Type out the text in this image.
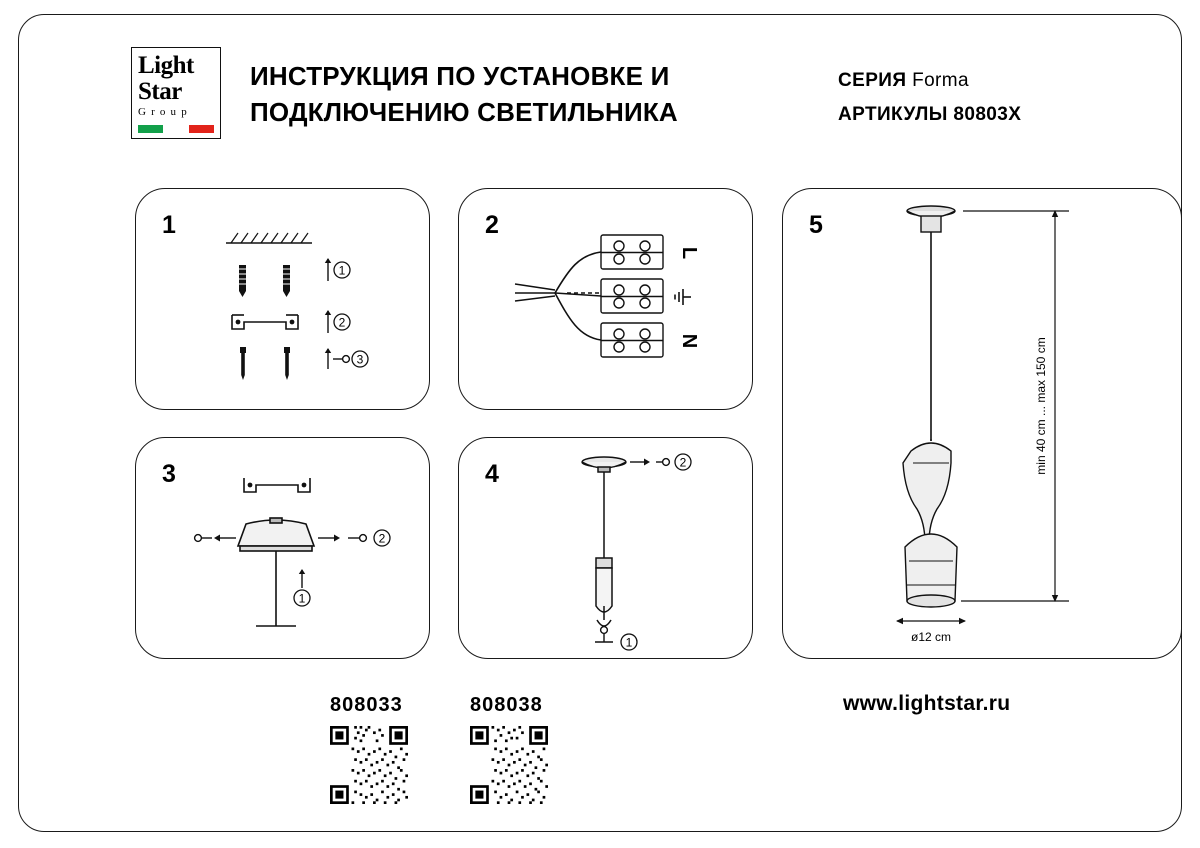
Light
Star
G r o u p
ИНСТРУКЦИЯ ПО УСТАНОВКЕ И
ПОДКЛЮЧЕНИЮ СВЕТИЛЬНИКА
СЕРИЯ Forma
АРТИКУЛЫ 80803X
1
1
2
3
2
L
N
3
2
1
4	2
1
5
min 40 cm ... max 150 cm
ø12 cm
808033	808038	www.lightstar.ru
